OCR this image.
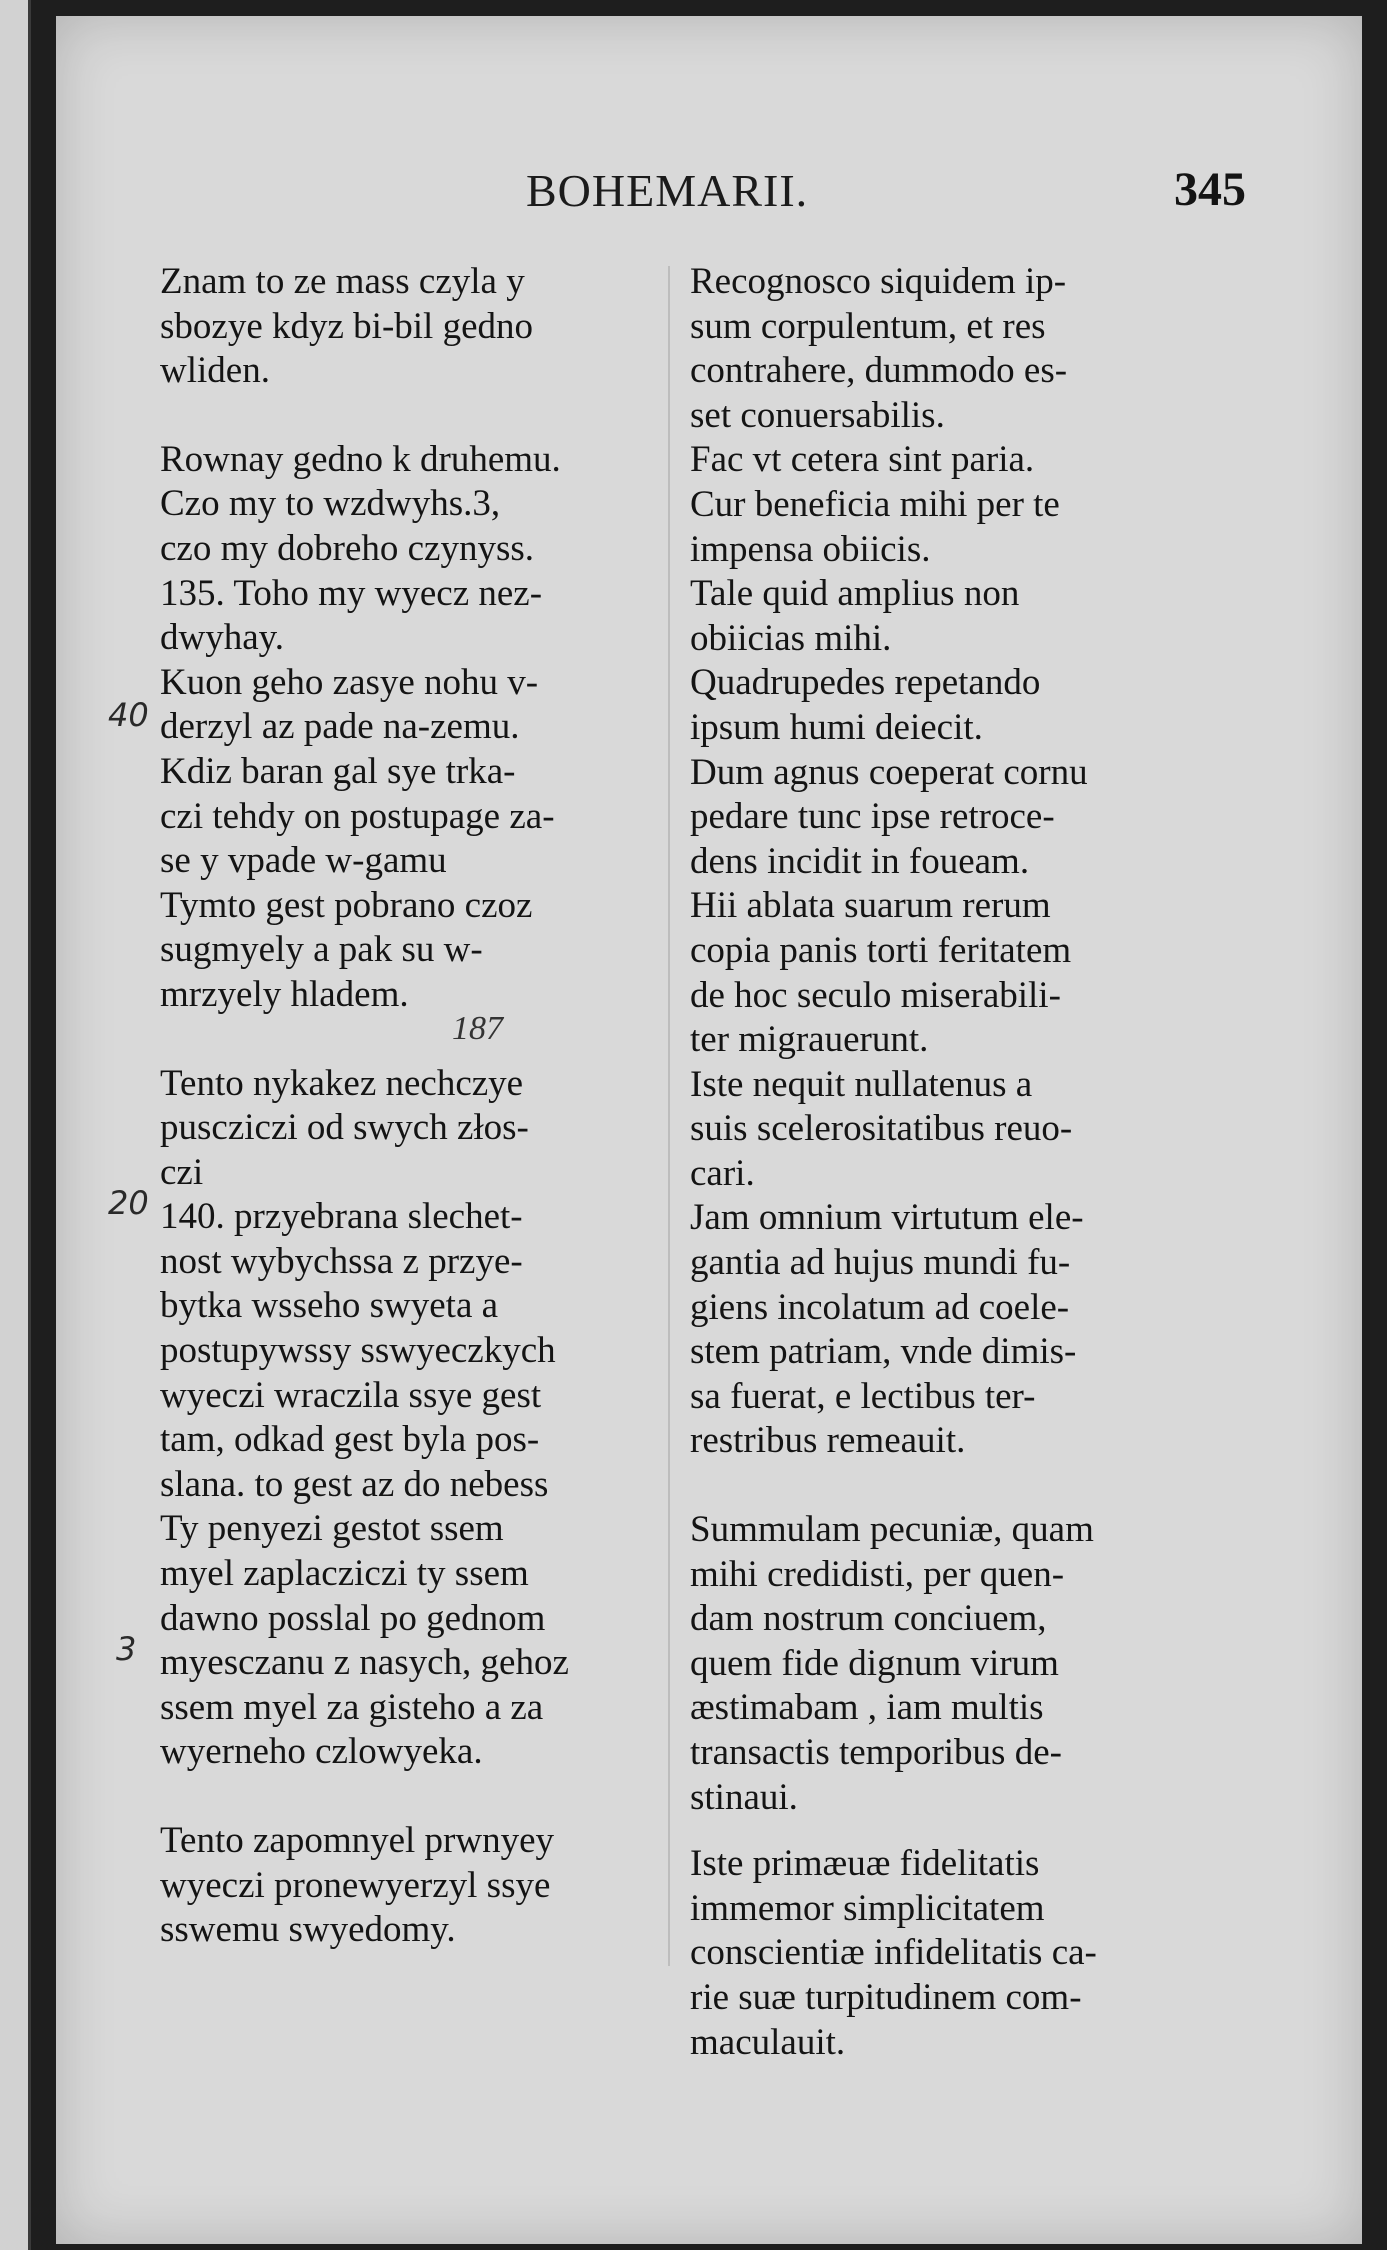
BOHEMARII.	345

Znam to ze mass czyla y
sbozye kdyz bi-bil gedno
wliden.

Rownay gedno k druhemu.
Czo my to wzdwyhs.3,
czo my dobreho czynyss.
135. Toho my wyecz nez-
dwyhay.
Kuon geho zasye nohu v-
derzyl az pade na-zemu.
Kdiz baran gal sye trka-
czi tehdy on postupage za-
se y vpade w-gamu
Tymto gest pobrano czoz
sugmyely a pak su w-
mrzyely hladem.

Tento nykakez nechczye
pusczіczi od swych złos-
czi
140. przyebrana slechet-
nost wybychssa z przye-
bytka wsseho swyeta a
postupywssy sswyeczkych
wyeczi wraczila ssye gest
tam, odkad gest byla pos-
slana. to gest az do nebess
Ty penyezi gestot ssem
myel zaplaczіczi ty ssem
dawno posslal po gednom
myesczanu z nasych, gehoz
ssem myel za gisteho a za
wyerneho czlowyeka.

Tento zapomnyel prwnyey
wyeczi pronewyerzyl ssye
sswemu swyedomy.

Recognosco siquidem ip-
sum corpulentum, et res
contrahere, dummodo es-
set conuersabilis.

Fac vt cetera sint paria.
Cur beneficia mihi per te
impensa obiicis.
Tale quid amplius non
obiicias mihi.
Quadrupedes repetando
ipsum humi deiecit.
Dum agnus coeperat cornu
pedare tunc ipse retroce-
dens incidit in foueam.
Hii ablata suarum rerum
copia panis torti feritatem
de hoc seculo miserabili-
ter migrauerunt.

Iste nequit nullatenus a
suis scelerositatibus reuo-
cari.
Jam omnium virtutum ele-
gantia ad hujus mundi fu-
giens incolatum ad coele-
stem patriam, vnde dimis-
sa fuerat, e lectibus ter-
restribus remeauit.

Summulam pecuniæ, quam
mihi credidisti, per quen-
dam nostrum conciuem,
quem fide dignum virum
æstimabam , iam multis
transactis temporibus de-
stinaui.

Iste primæuæ fidelitatis
immemor simplicitatem
conscientiæ infidelitatis ca-
rie suæ turpitudinem com-
maculauit.

40
20
3
187
